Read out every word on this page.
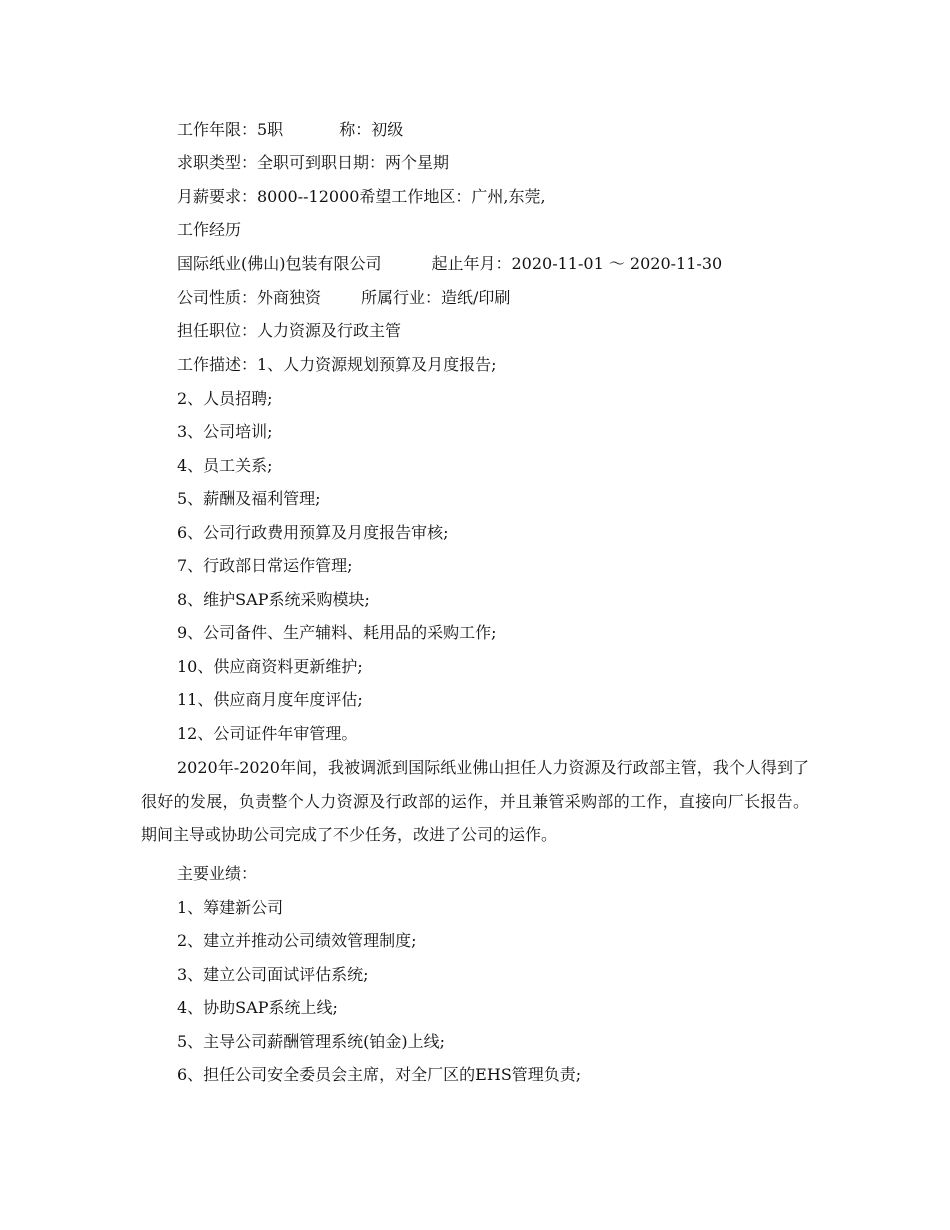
工作年限：5职	称：初级
求职类型：全职可到职日期：两个星期
月薪要求：8000--12000希望工作地区：广州,东莞,
工作经历
国际纸业(佛山)包装有限公司	起止年月：2020-11-01 ～ 2020-11-30
公司性质：外商独资	所属行业：造纸/印刷
担任职位：人力资源及行政主管
工作描述：1、人力资源规划预算及月度报告;
2、人员招聘;
3、公司培训;
4、员工关系;
5、薪酬及福利管理;
6、公司行政费用预算及月度报告审核;
7、行政部日常运作管理;
8、维护SAP系统采购模块;
9、公司备件、生产辅料、耗用品的采购工作;
10、供应商资料更新维护;
11、供应商月度年度评估;
12、公司证件年审管理。
2020年-2020年间，我被调派到国际纸业佛山担任人力资源及行政部主管，我个人得到了很好的发展，负责整个人力资源及行政部的运作，并且兼管采购部的工作，直接向厂长报告。期间主导或协助公司完成了不少任务，改进了公司的运作。
主要业绩：
1、筹建新公司
2、建立并推动公司绩效管理制度;
3、建立公司面试评估系统;
4、协助SAP系统上线;
5、主导公司薪酬管理系统(铂金)上线;
6、担任公司安全委员会主席，对全厂区的EHS管理负责;
